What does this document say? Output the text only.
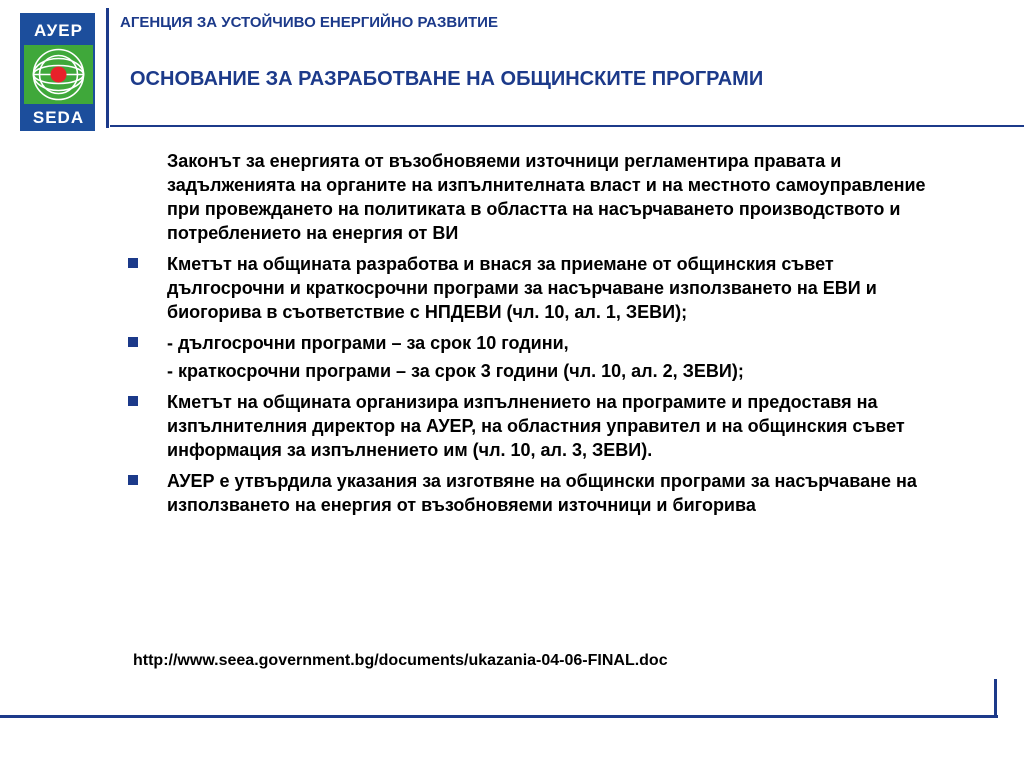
АУЕР
SEDA
АГЕНЦИЯ ЗА УСТОЙЧИВО ЕНЕРГИЙНО РАЗВИТИЕ
ОСНОВАНИЕ ЗА РАЗРАБОТВАНЕ НА ОБЩИНСКИТЕ ПРОГРАМИ
Законът за енергията от възобновяеми източници регламентира правата и задълженията на органите на изпълнителната власт и на местното самоуправление при провеждането на политиката в областта на насърчаването производството и потреблението на енергия от ВИ
Кметът на общината разработва и внася за приемане от общинския съвет дългосрочни и краткосрочни програми за насърчаване използването на ЕВИ и биогорива в съответствие с НПДЕВИ (чл. 10, ал. 1, ЗЕВИ);
- дългосрочни програми – за срок 10 години,
- краткосрочни програми – за срок 3 години (чл. 10, ал. 2, ЗЕВИ);
Кметът на общината организира изпълнението на програмите и предоставя на изпълнителния директор на АУЕР, на областния управител и на общинския съвет информация за изпълнението им (чл. 10, ал. 3, ЗЕВИ).
АУЕР е утвърдила указания за изготвяне на общински програми за насърчаване на използването на енергия от възобновяеми източници и бигорива
http://www.seea.government.bg/documents/ukazania-04-06-FINAL.doc
